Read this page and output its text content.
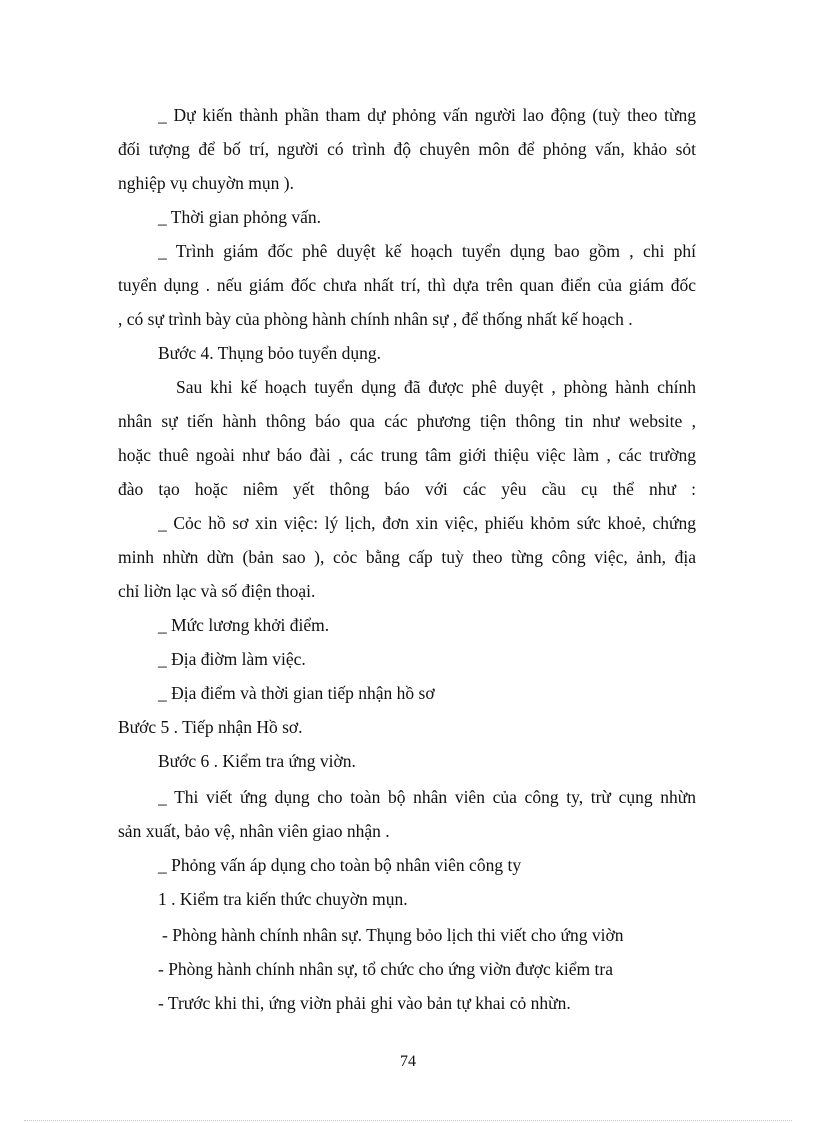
_ Dự kiến thành phần tham dự phỏng vấn người lao động (tuỳ theo từng

đối tượng để bố trí, người có trình độ chuyên môn để phỏng vấn, khảo sỏt

nghiệp vụ chuyờn mụn ).

_ Thời gian phỏng vấn.

_ Trình giám đốc phê duyệt kế hoạch tuyển dụng bao gồm , chi phí

tuyển dụng . nếu giám đốc chưa nhất trí, thì dựa trên quan điển của giám đốc

, có sự trình bày của phòng hành chính nhân sự , để thống nhất kế hoạch .

Bước 4. Thụng bỏo tuyển dụng.

Sau khi kế hoạch tuyển dụng đã được phê duyệt , phòng hành chính

nhân sự tiến hành thông báo qua các phương tiện thông tin như website ,

hoặc thuê ngoài như báo đài , các trung tâm giới thiệu việc làm , các trường

đào tạo hoặc niêm yết thông báo với các yêu cầu cụ thể như :

_ Cỏc hồ sơ xin việc: lý lịch, đơn xin việc, phiếu khỏm sức khoẻ, chứng

minh nhừn dừn (bản sao ), cỏc bằng cấp tuỳ theo từng công việc, ảnh, địa

chỉ liờn lạc và số điện thoại.

_ Mức lương khởi điểm.

_ Địa điờm làm việc.

_ Địa điểm và thời gian tiếp nhận hồ sơ

Bước 5 . Tiếp nhận Hồ sơ.

Bước 6 . Kiểm tra ứng viờn.

_ Thi viết ứng dụng cho toàn bộ nhân viên của công ty, trừ cụng nhừn

sản xuất, bảo vệ, nhân viên giao nhận .

_ Phỏng vấn áp dụng cho toàn bộ nhân viên công ty

1 . Kiểm tra kiến thức chuyờn mụn.

- Phòng hành chính nhân sự. Thụng bỏo lịch thi viết cho ứng viờn

- Phòng hành chính nhân sự, tổ chức cho ứng viờn được kiểm tra

- Trước khi thi, ứng viờn phải ghi vào bản tự khai cỏ nhừn.

74
